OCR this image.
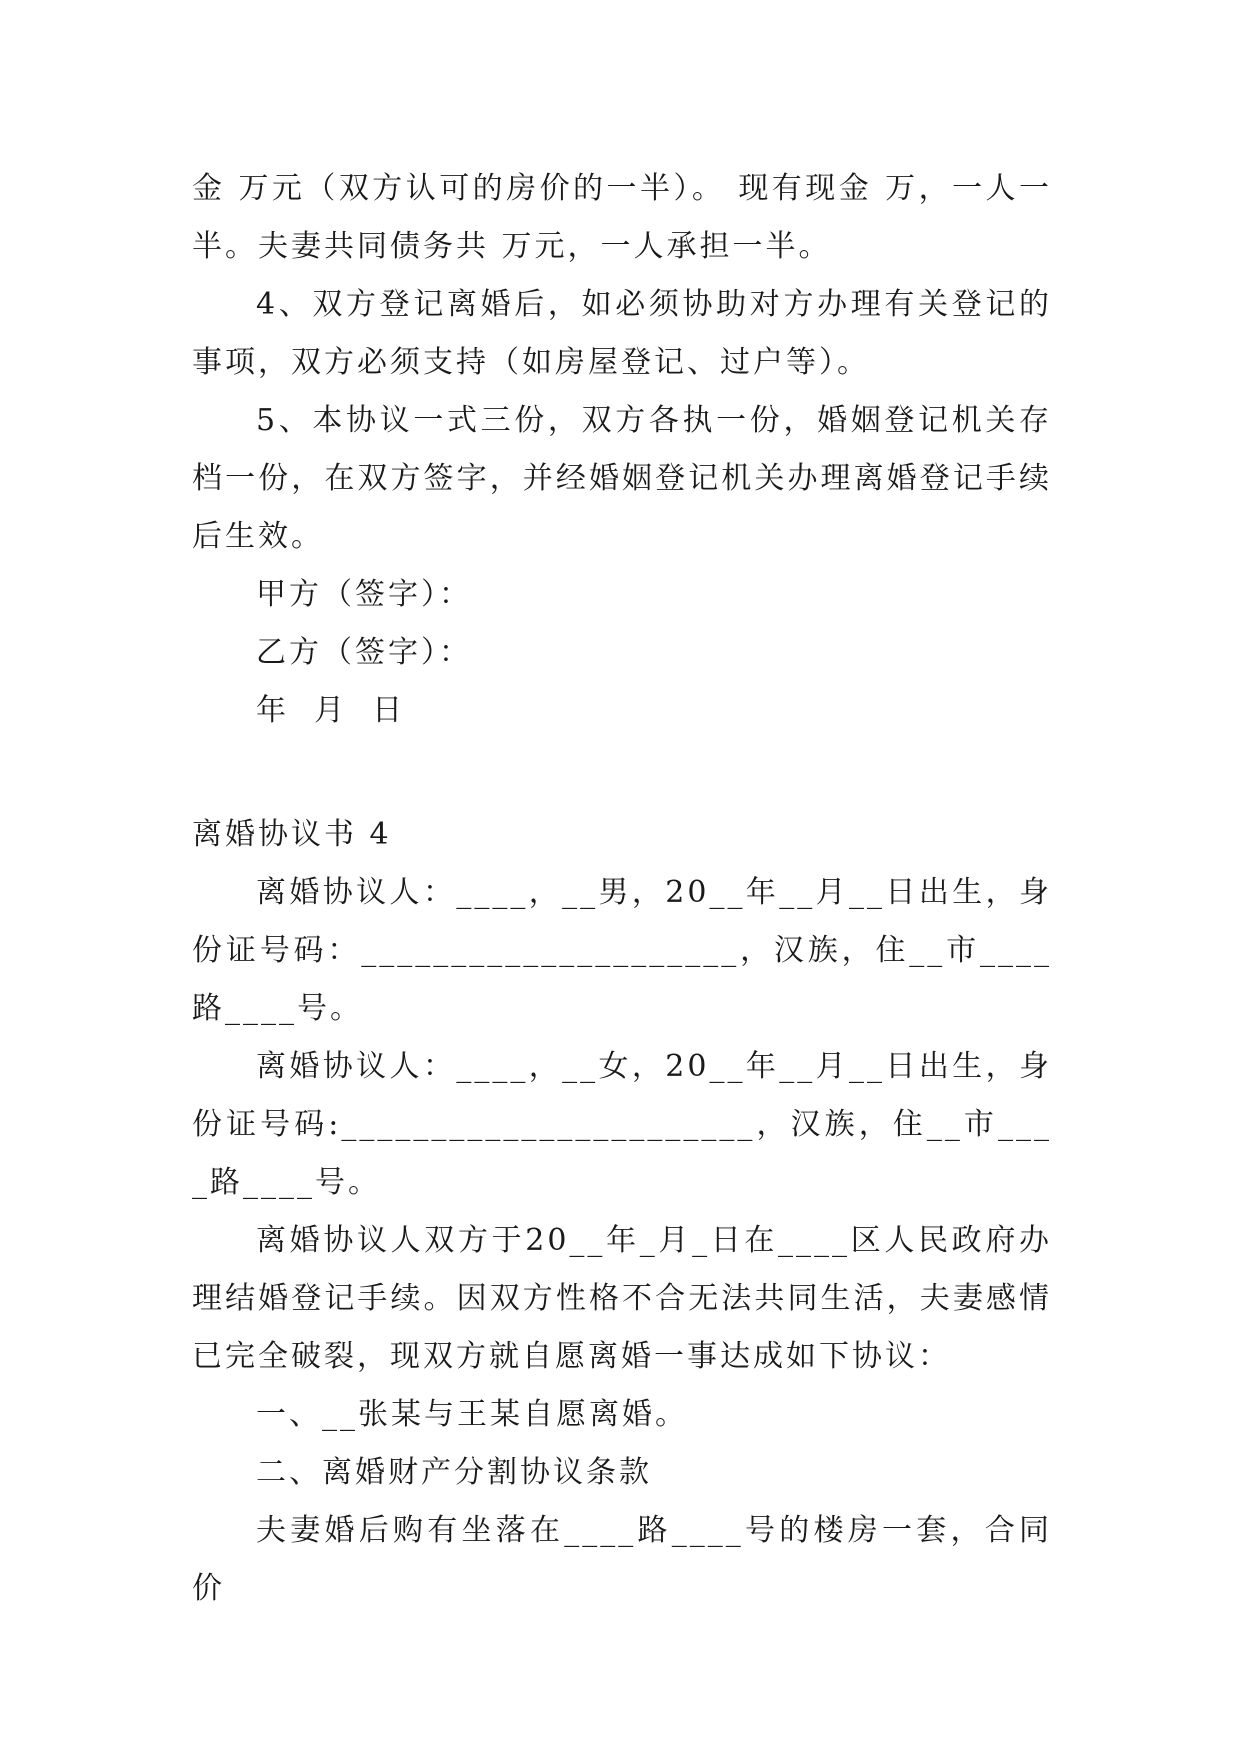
金 万元（双方认可的房价的一半）。 现有现金 万，一人一半。夫妻共同债务共 万元，一人承担一半。

4、双方登记离婚后，如必须协助对方办理有关登记的事项，双方必须支持（如房屋登记、过户等）。

5、本协议一式三份，双方各执一份，婚姻登记机关存档一份，在双方签字，并经婚姻登记机关办理离婚登记手续后生效。

甲方（签字）：

乙方（签字）：

年  月  日

离婚协议书 4

离婚协议人：____，__男，20__年__月__日出生，身份证号码：_____________________，汉族，住__市____路____号。

离婚协议人：____，__女，20__年__月__日出生，身份证号码:_______________________，汉族，住__市____路____号。

离婚协议人双方于20__年_月_日在____区人民政府办理结婚登记手续。因双方性格不合无法共同生活，夫妻感情已完全破裂，现双方就自愿离婚一事达成如下协议：

一、__张某与王某自愿离婚。

二、离婚财产分割协议条款

夫妻婚后购有坐落在____路____号的楼房一套，合同价
